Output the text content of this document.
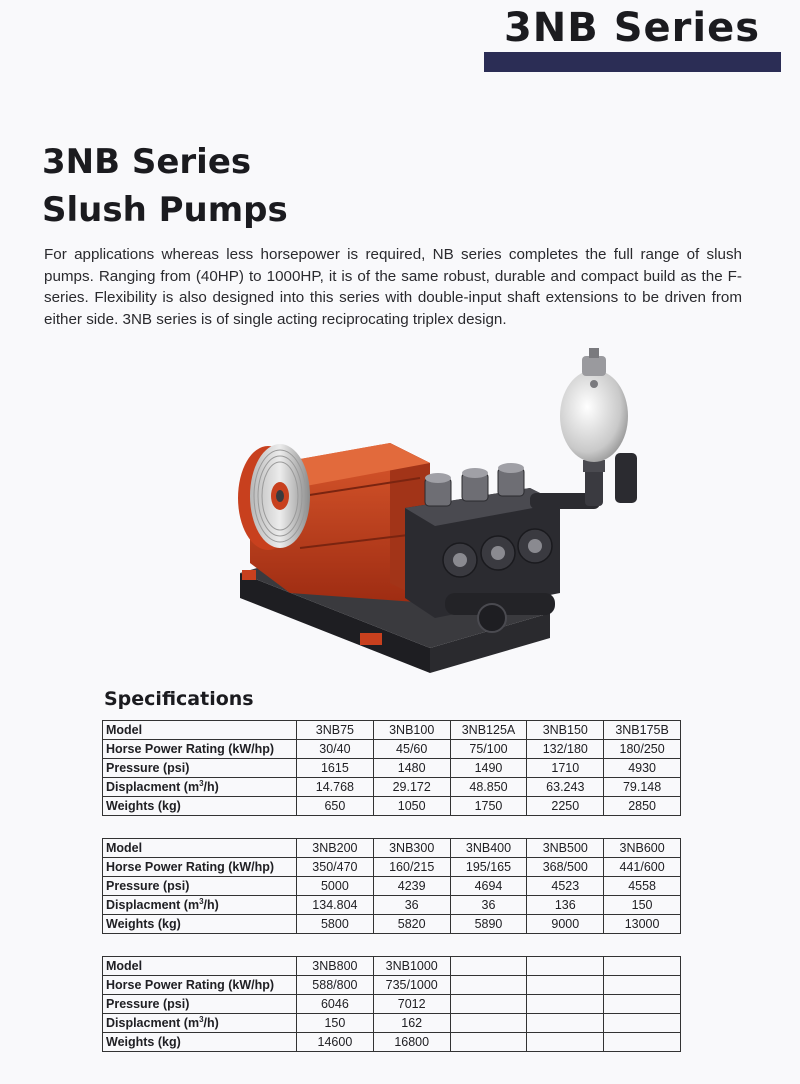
3NB Series
3NB Series
Slush Pumps

For applications whereas less horsepower is required, NB series completes the full range of slush pumps. Ranging from (40HP) to 1000HP, it is of the same robust, durable and compact build as the F-series. Flexibility is also designed into this series with double-input shaft extensions to be driven from either side. 3NB series is of single acting reciprocating triplex design.

Specifications
Model	3NB75	3NB100	3NB125A	3NB150	3NB175B
Horse Power Rating (kW/hp)	30/40	45/60	75/100	132/180	180/250
Pressure (psi)	1615	1480	1490	1710	4930
Displacment $(m^3/h)$	14.768	29.172	48.850	63.243	79.148
Weights (kg)	650	1050	1750	2250	2850
Model	3NB200	3NB300	3NB400	3NB500	3NB600
Horse Power Rating (kW/hp)	350/470	160/215	195/165	368/500	441/600
Pressure (psi)	5000	4239	4694	4523	4558
Displacment $(m^3/h)$	134.804	36	36	136	150
Weights (kg)	5800	5820	5890	9000	13000
Model	3NB800	3NB1000			
Horse Power Rating (kW/hp)	588/800	735/1000			
Pressure (psi)	6046	7012			
Displacment $(m^3/h)$	150	162			
Weights (kg)	14600	16800			
